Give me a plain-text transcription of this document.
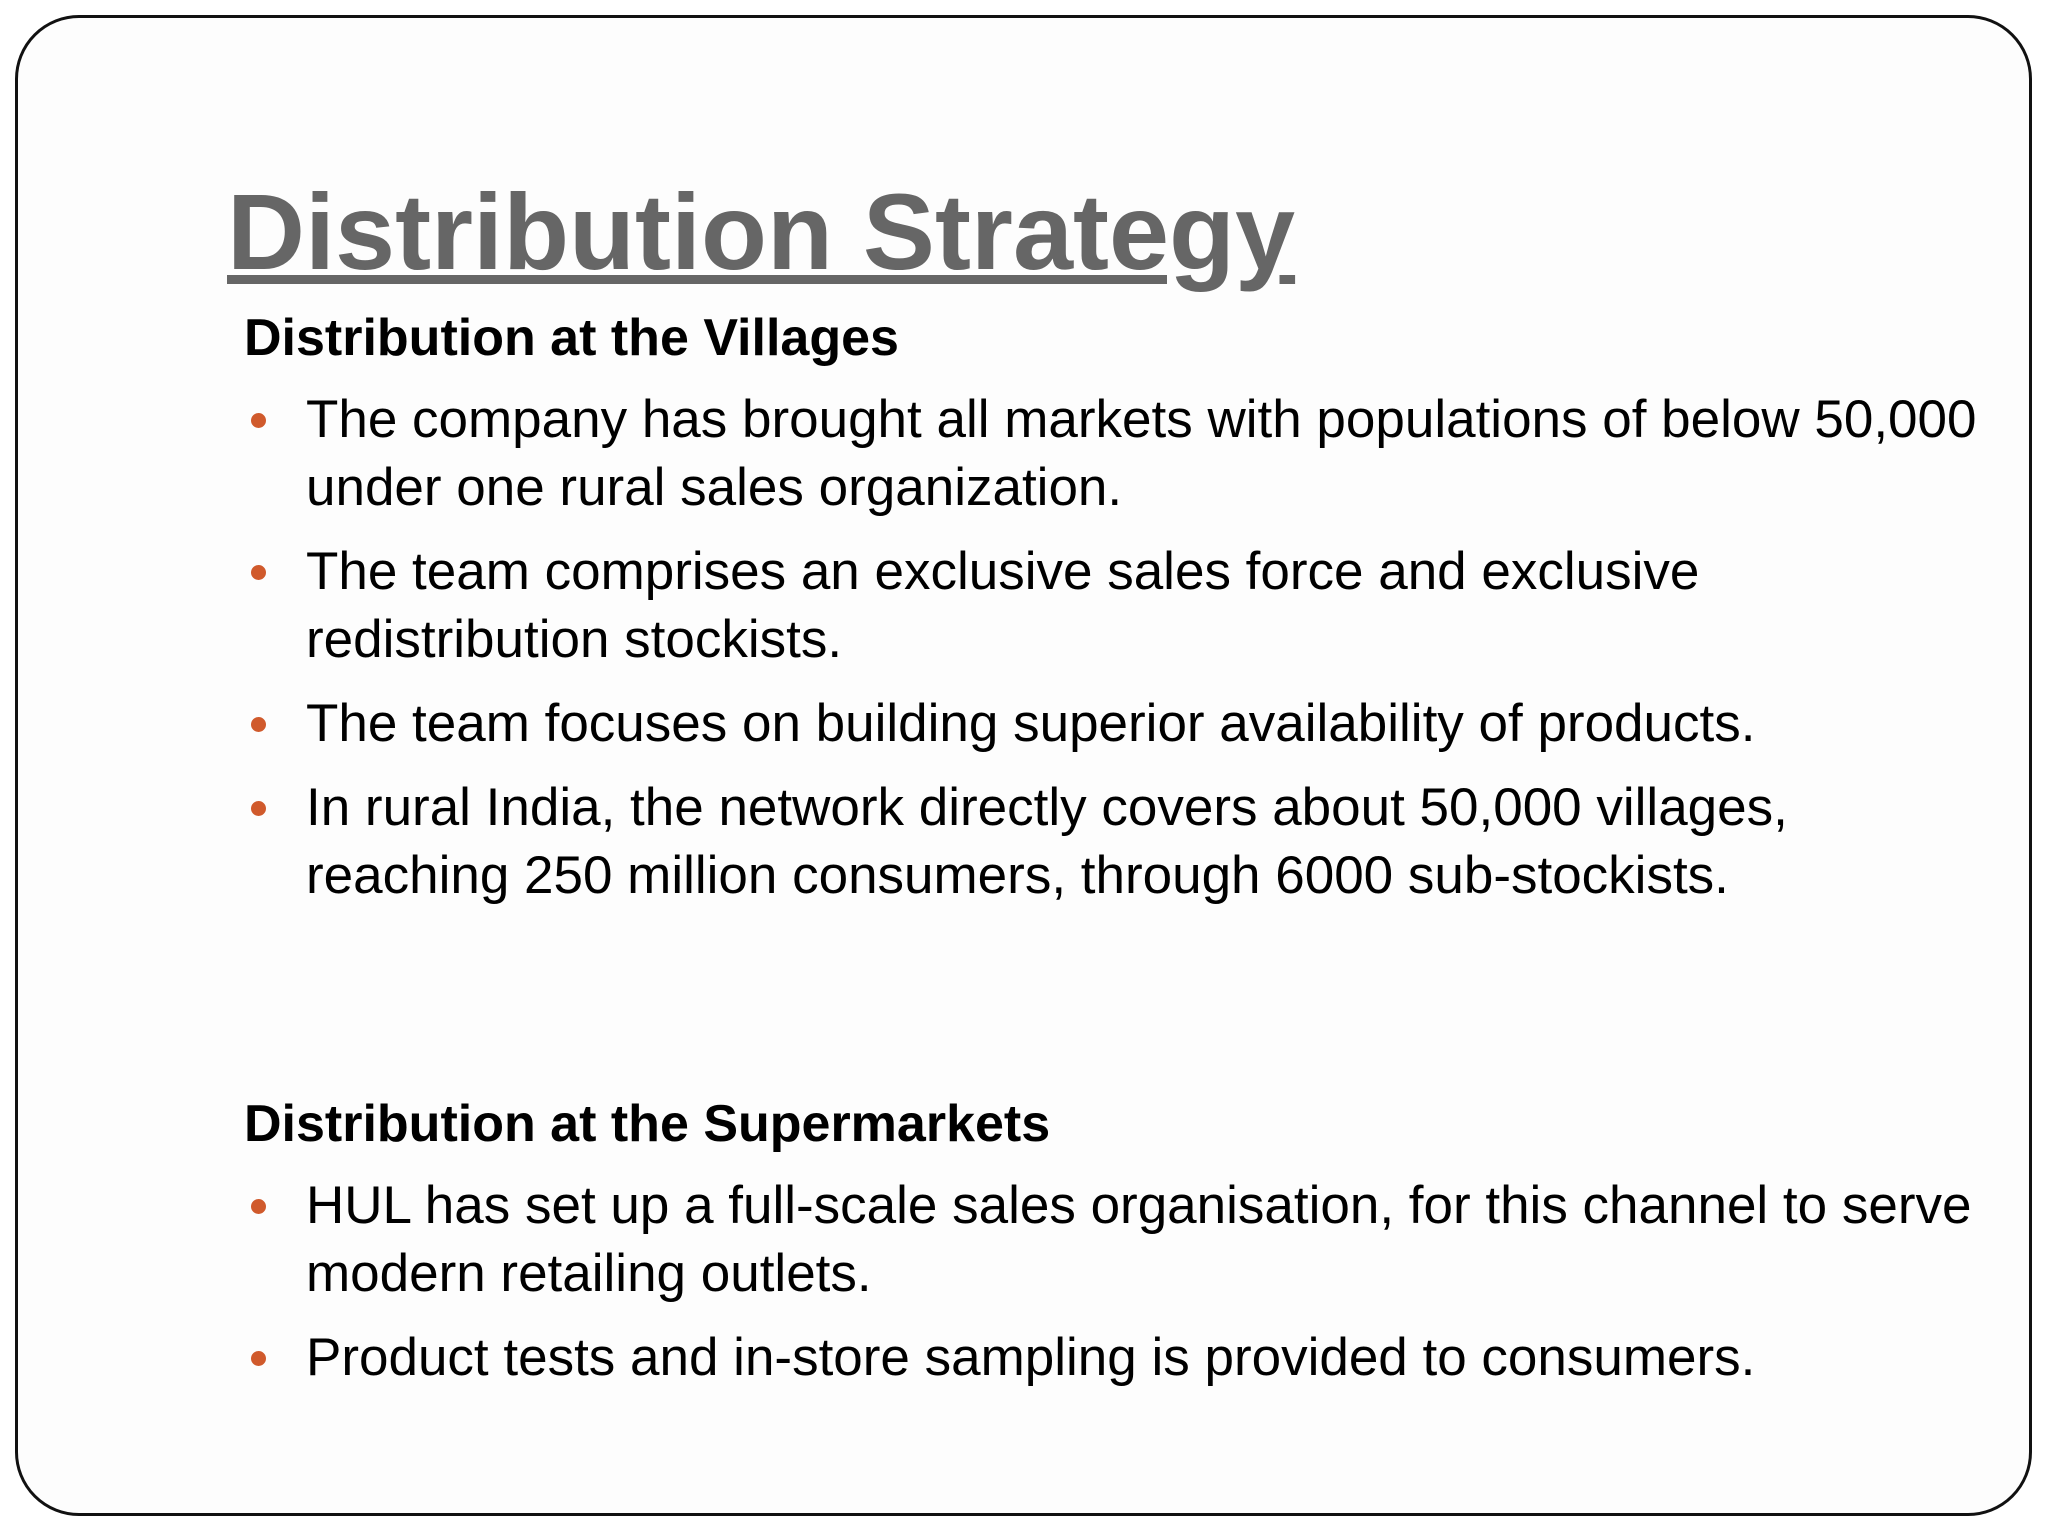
Distribution Strategy
Distribution at the Villages
The company has brought all markets with populations of below 50,000 under one rural sales organization.
The team comprises an exclusive sales force and exclusive redistribution stockists.
The team focuses on building superior availability of products.
In rural India, the network directly covers about 50,000 villages, reaching 250 million consumers, through 6000 sub-stockists.
Distribution at the Supermarkets
HUL has set up a full-scale sales organisation, for this channel to serve modern retailing outlets.
Product tests and in-store sampling is provided to consumers.
